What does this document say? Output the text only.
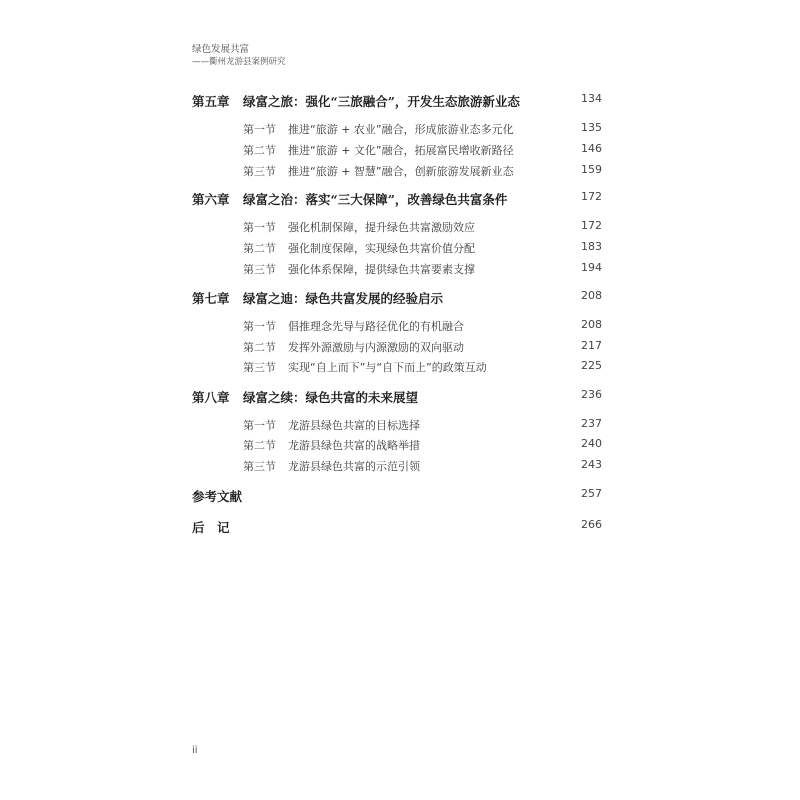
绿色发展共富
——衢州龙游县案例研究
第五章 绿富之旅：强化“三旅融合”，开发生态旅游新业态	134
第一节 推进“旅游 + 农业”融合，形成旅游业态多元化	135
第二节 推进“旅游 + 文化”融合，拓展富民增收新路径	146
第三节 推进“旅游 + 智慧”融合，创新旅游发展新业态	159
第六章 绿富之治：落实“三大保障”，改善绿色共富条件	172
第一节 强化机制保障，提升绿色共富激励效应	172
第二节 强化制度保障，实现绿色共富价值分配	183
第三节 强化体系保障，提供绿色共富要素支撑	194
第七章 绿富之迪：绿色共富发展的经验启示	208
第一节 倡推理念先导与路径优化的有机融合	208
第二节 发挥外源激励与内源激励的双向驱动	217
第三节 实现“自上而下”与“自下而上”的政策互动	225
第八章 绿富之续：绿色共富的未来展望	236
第一节 龙游县绿色共富的目标选择	237
第二节 龙游县绿色共富的战略举措	240
第三节 龙游县绿色共富的示范引领	243
参考文献	257
后　记	266
ii
